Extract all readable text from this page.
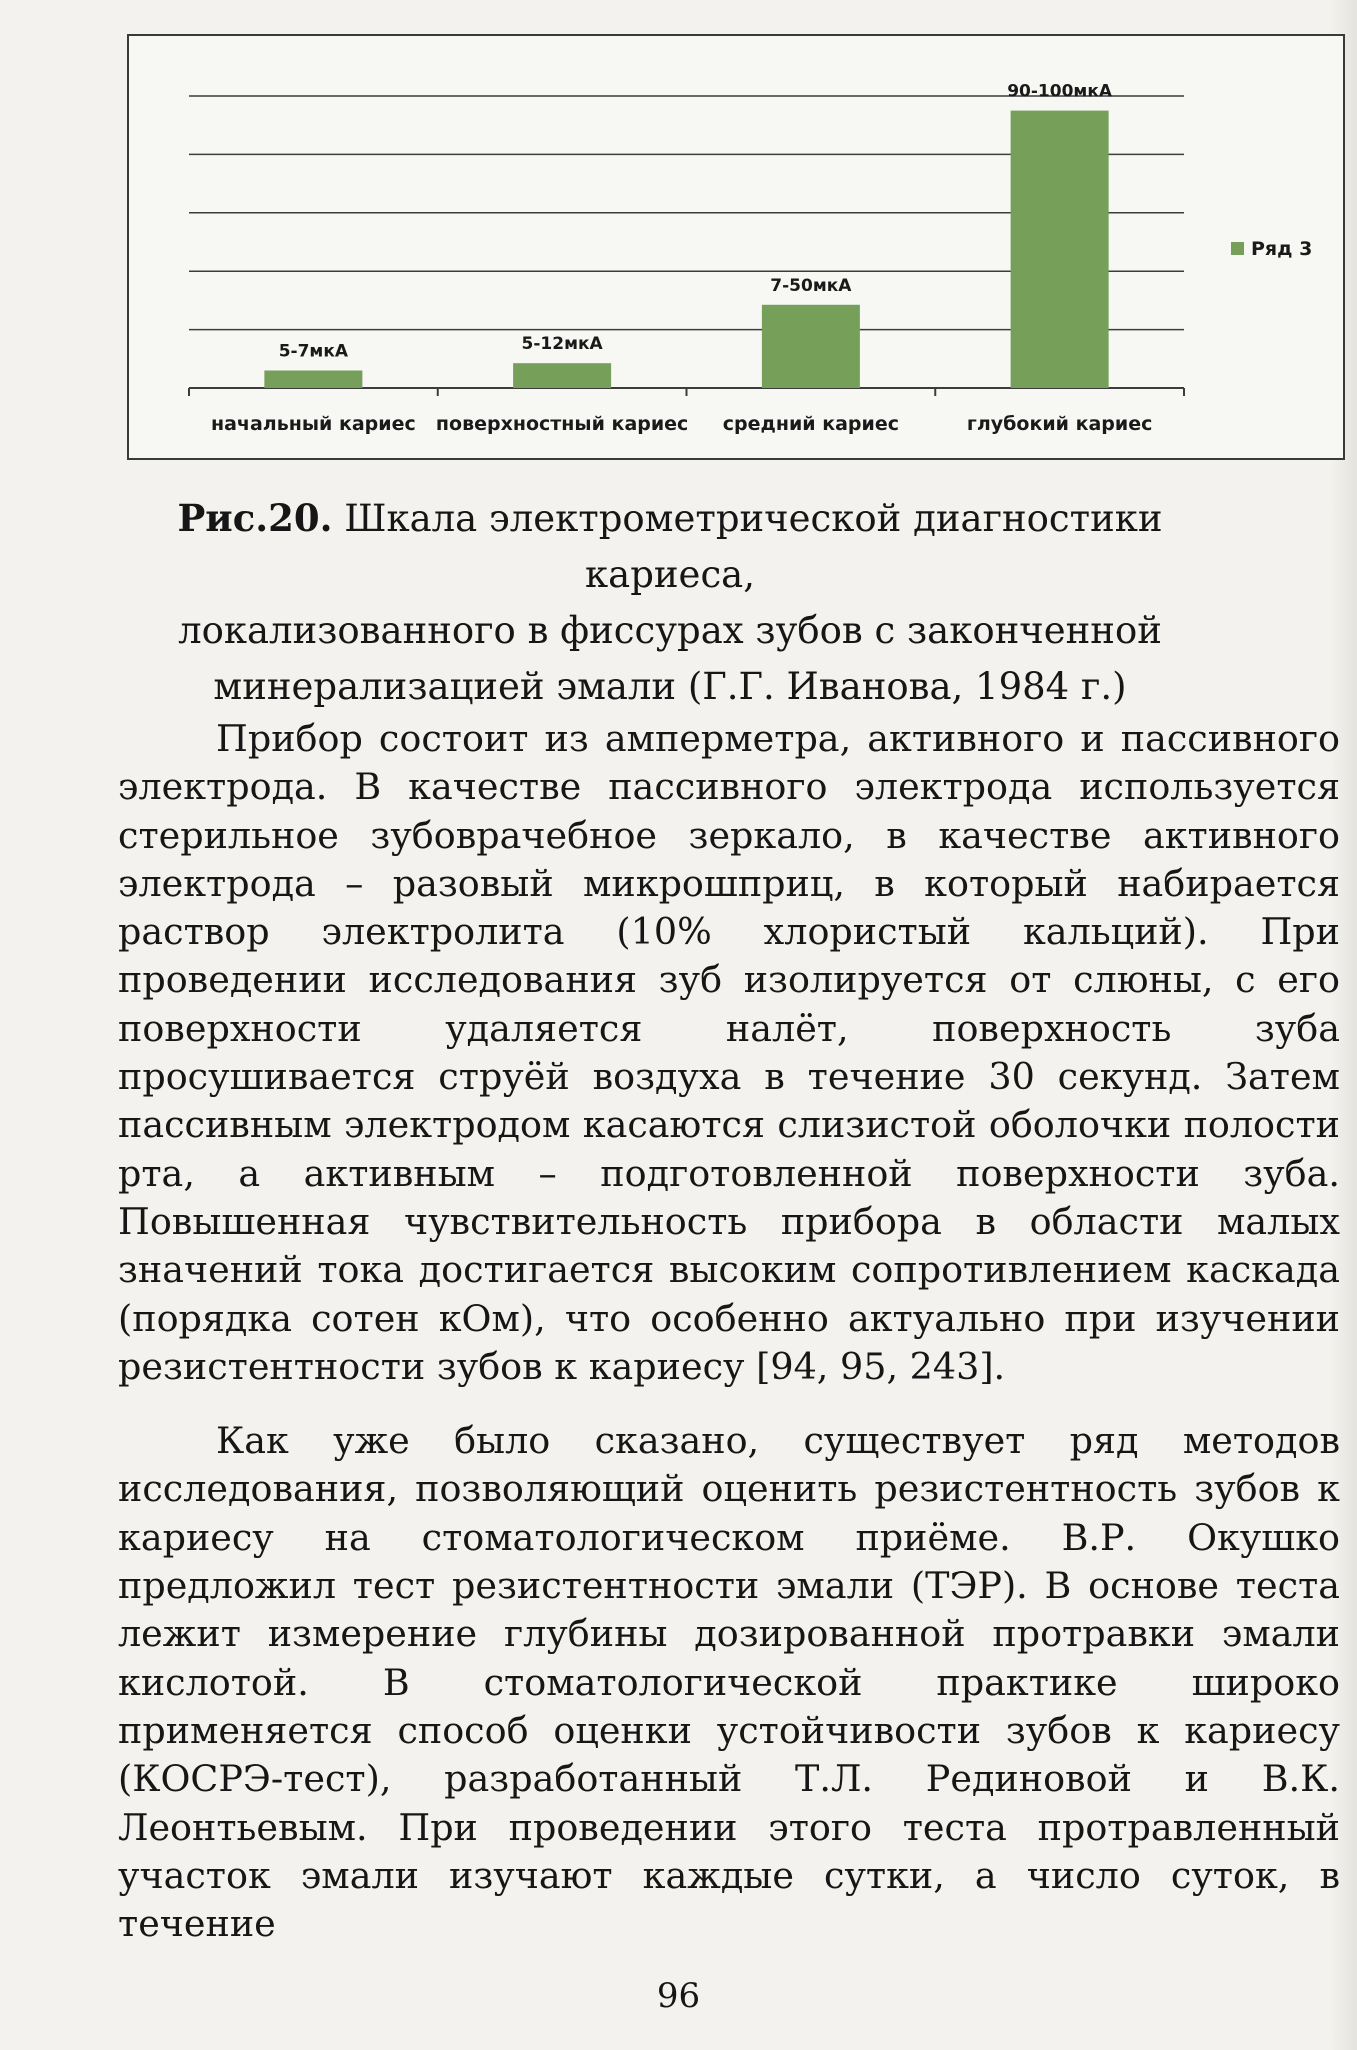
5-7мкА
начальный кариес
5-12мкА
поверхностный кариес
7-50мкА
средний кариес
90-100мкА
глубокий кариес
Ряд 3
Рис.20. Шкала электрометрической диагностики кариеса,
локализованного в фиссурах зубов с законченной
минерализацией эмали (Г.Г. Иванова, 1984 г.)

Прибор состоит из амперметра, активного и пассивного электрода. В качестве пассивного электрода используется стерильное зубоврачебное зеркало, в качестве активного электрода – разовый микрошприц, в который набирается раствор электролита (10% хлористый кальций). При проведении исследования зуб изолируется от слюны, с его поверхности удаляется налёт, поверхность зуба просушивается струёй воздуха в течение 30 секунд. Затем пассивным электродом касаются слизистой оболочки полости рта, а активным – подготовленной поверхности зуба. Повышенная чувствительность прибора в области малых значений тока достигается высоким сопротивлением каскада (порядка сотен кОм), что особенно актуально при изучении резистентности зубов к кариесу [94, 95, 243].

Как уже было сказано, существует ряд методов исследования, позволяющий оценить резистентность зубов к кариесу на стоматологическом приёме. В.Р. Окушко предложил тест резистентности эмали (ТЭР). В основе теста лежит измерение глубины дозированной протравки эмали кислотой. В стоматологической практике широко применяется способ оценки устойчивости зубов к кариесу (КОСРЭ-тест), разработанный Т.Л. Рединовой и В.К. Леонтьевым. При проведении этого теста протравленный участок эмали изучают каждые сутки, а число суток, в течение

96
